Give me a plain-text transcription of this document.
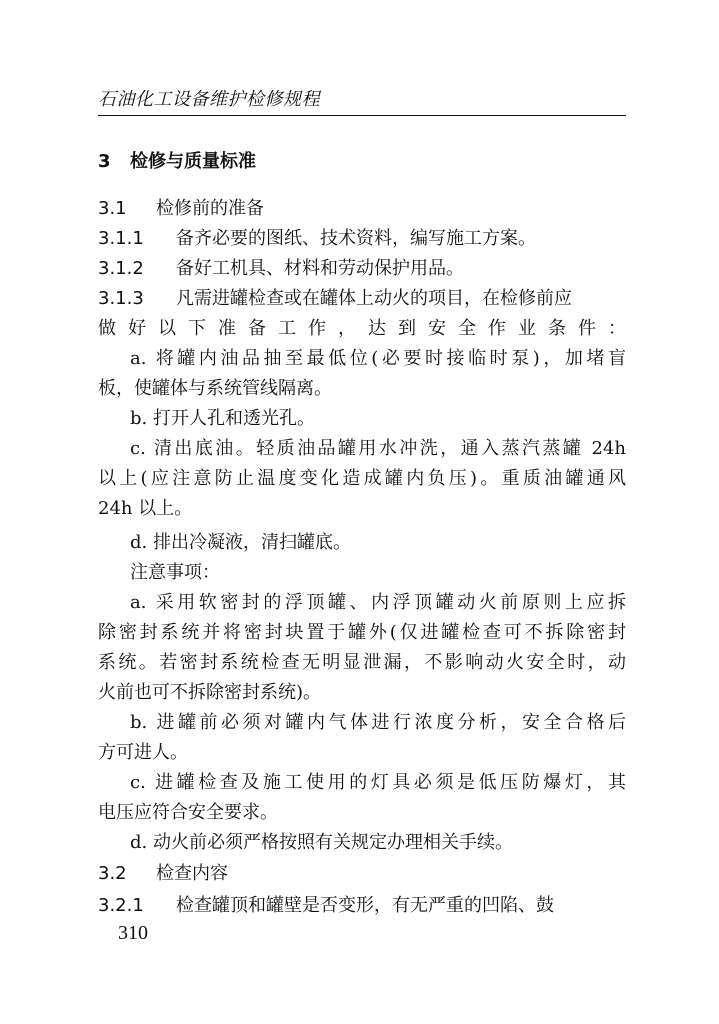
石油化工设备维护检修规程
3 检修与质量标准
3.1 检修前的准备
3.1.1 备齐必要的图纸、技术资料，编写施工方案。
3.1.2 备好工机具、材料和劳动保护用品。
3.1.3 凡需进罐检查或在罐体上动火的项目，在检修前应
做好以下准备工作，达到安全作业条件：
a. 将罐内油品抽至最低位(必要时接临时泵)，加堵盲
板，使罐体与系统管线隔离。
b. 打开人孔和透光孔。
c. 清出底油。轻质油品罐用水冲洗，通入蒸汽蒸罐 24h
以上(应注意防止温度变化造成罐内负压)。重质油罐通风
24h 以上。
d. 排出冷凝液，清扫罐底。
注意事项：
a. 采用软密封的浮顶罐、内浮顶罐动火前原则上应拆
除密封系统并将密封块置于罐外(仅进罐检查可不拆除密封
系统。若密封系统检查无明显泄漏，不影响动火安全时，动
火前也可不拆除密封系统)。
b. 进罐前必须对罐内气体进行浓度分析，安全合格后
方可进人。
c. 进罐检查及施工使用的灯具必须是低压防爆灯，其
电压应符合安全要求。
d. 动火前必须严格按照有关规定办理相关手续。
3.2 检查内容
3.2.1 检查罐顶和罐壁是否变形，有无严重的凹陷、鼓
310
